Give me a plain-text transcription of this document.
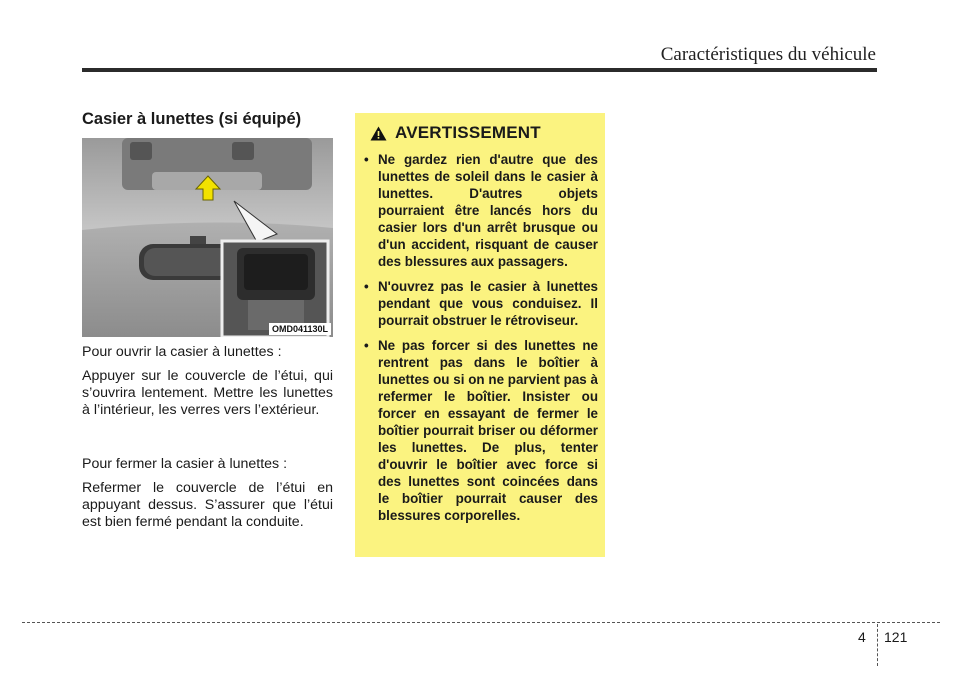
Caractéristiques du véhicule
Casier à lunettes (si équipé)
OMD041130L
Pour ouvrir la casier à lunettes :
Appuyer sur le couvercle de l’étui, qui s’ouvrira lentement. Mettre les lunettes à l’intérieur, les verres vers l’extérieur.
Pour fermer la casier à lunettes :
Refermer le couvercle de l’étui en appuyant dessus. S’assurer que l’étui est bien fermé pendant la conduite.
AVERTISSEMENT
• Ne gardez rien d'autre que des lunettes de soleil dans le casier à lunettes. D'autres objets pourraient être lancés hors du casier lors d'un arrêt brusque ou d'un accident, risquant de causer des blessures aux passagers.
• N'ouvrez pas le casier à lunettes pendant que vous conduisez. Il pourrait obstruer le rétroviseur.
• Ne pas forcer si des lunettes ne rentrent pas dans le boîtier à lunettes ou si on ne parvient pas à refermer le boîtier. Insister ou forcer en essayant de fermer le boîtier pourrait briser ou déformer les lunettes. De plus, tenter d'ouvrir le boîtier avec force si des lunettes sont coincées dans le boîtier pourrait causer des blessures corporelles.
4 121
